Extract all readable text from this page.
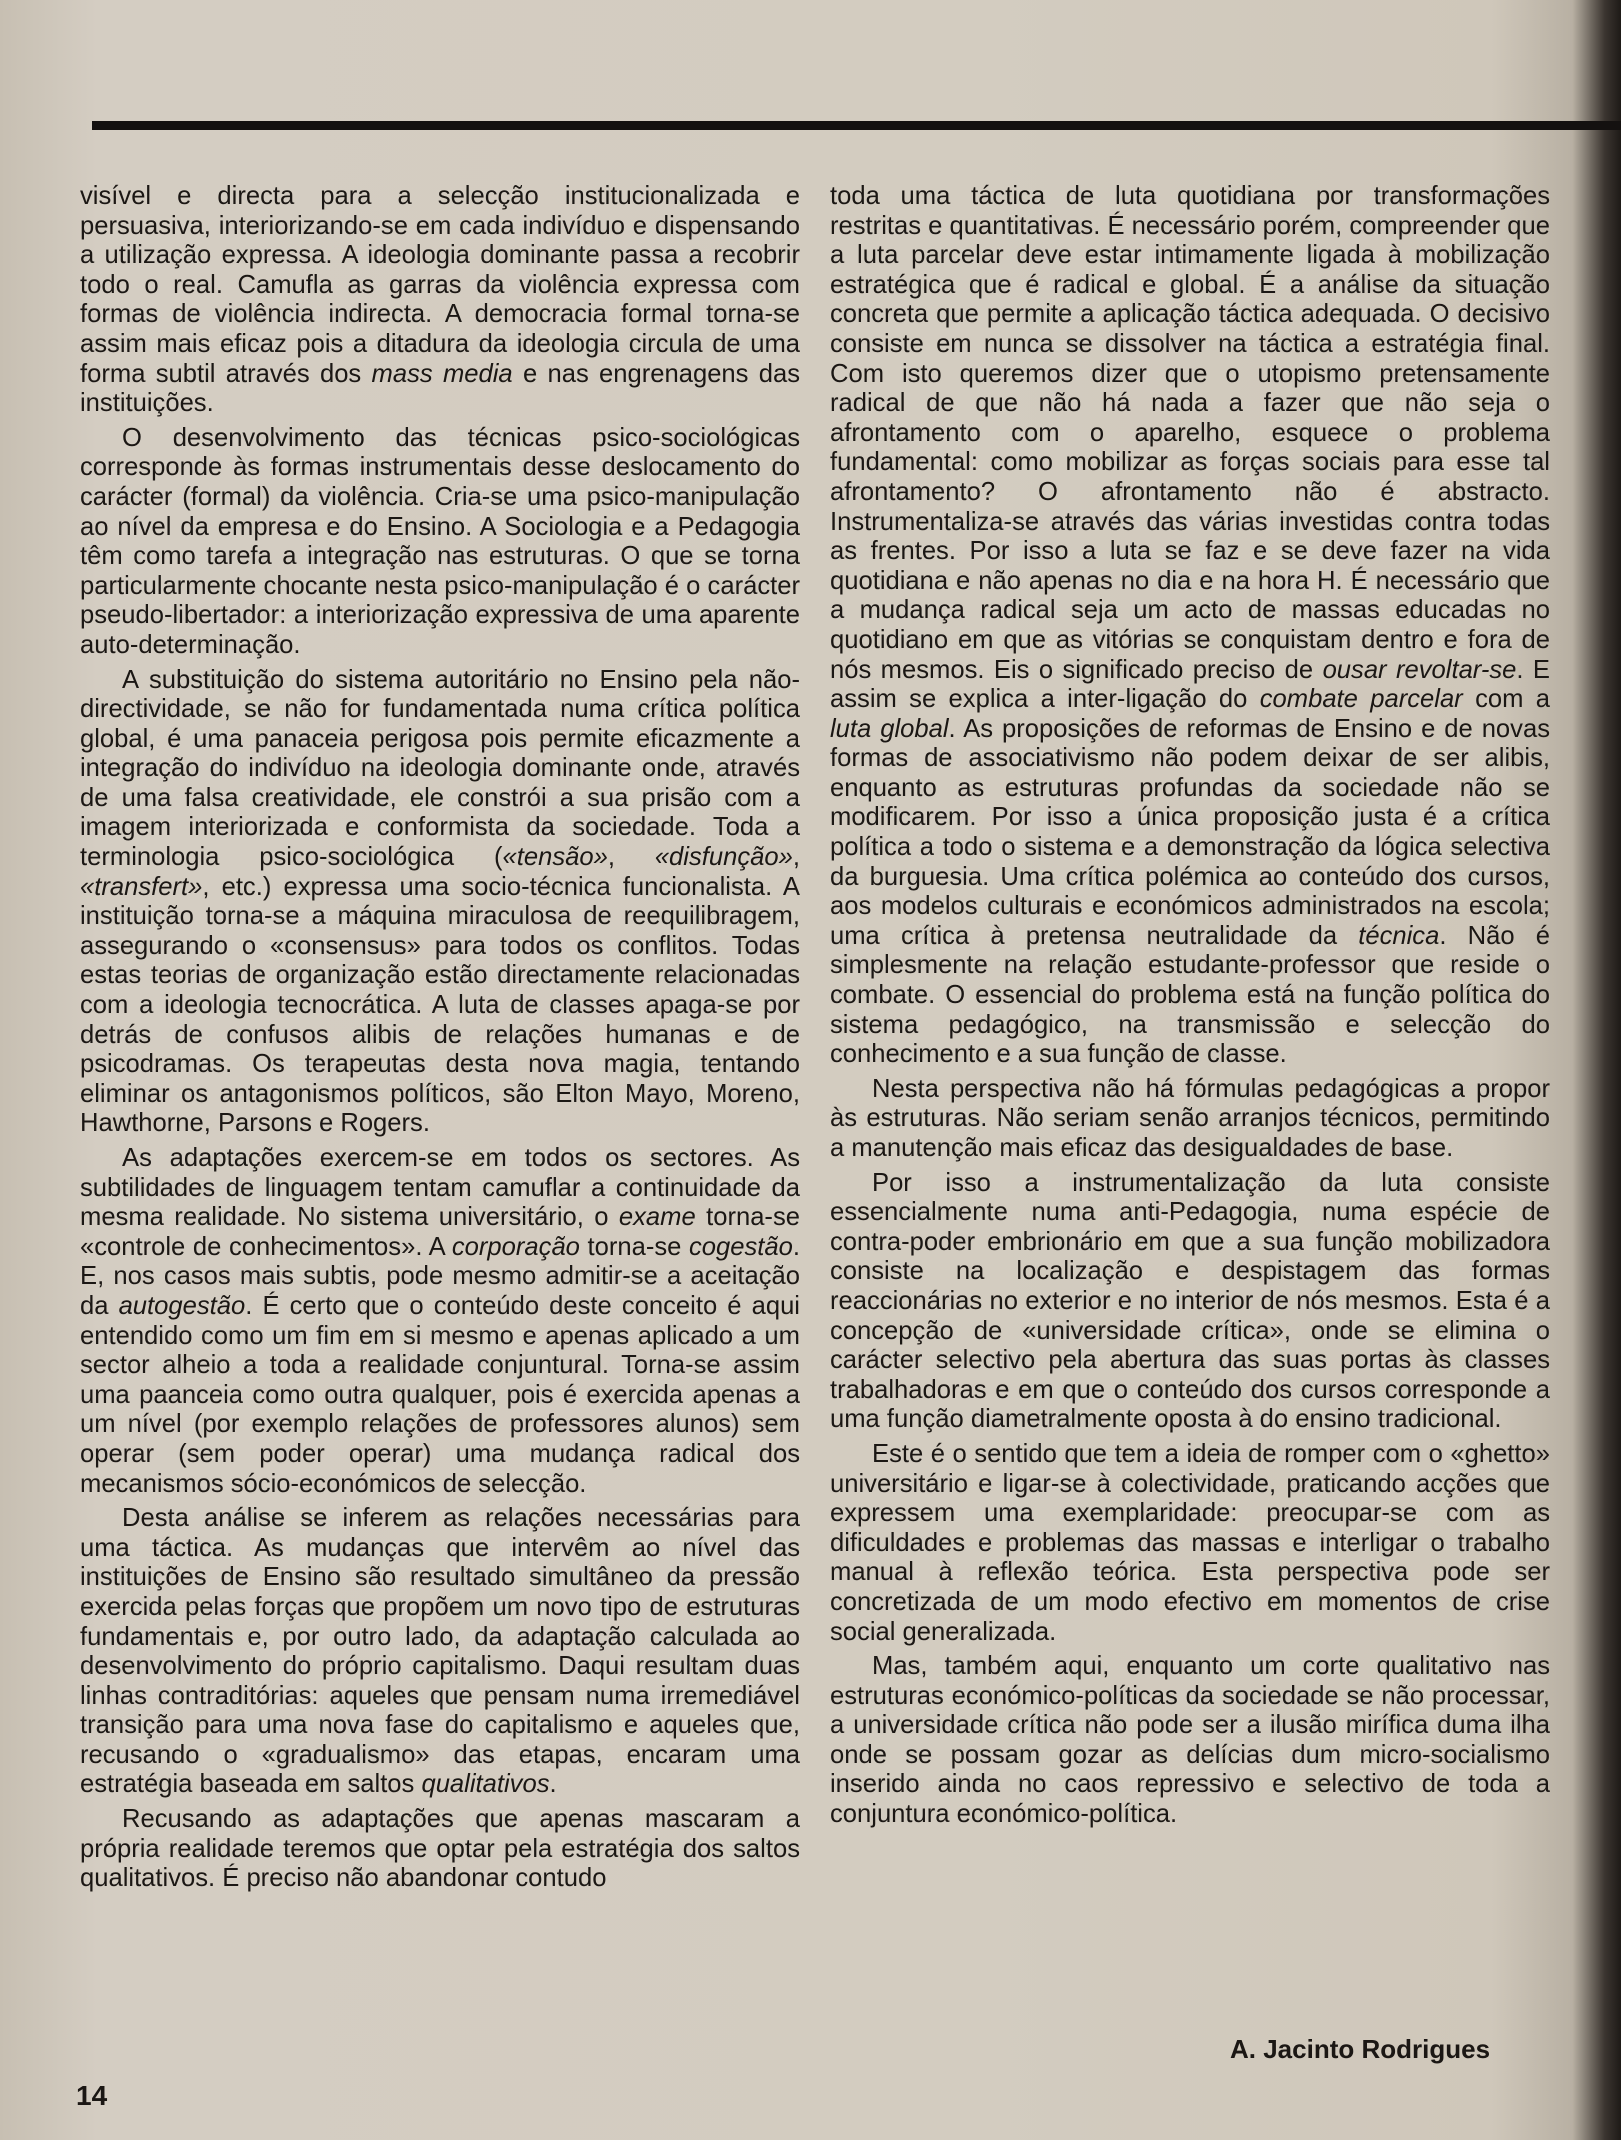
visível e directa para a selecção institucionalizada e persuasiva, interiorizando-se em cada indivíduo e dispensando a utilização expressa. A ideologia dominante passa a recobrir todo o real. Camufla as garras da violência expressa com formas de violência indirecta. A democracia formal torna-se assim mais eficaz pois a ditadura da ideologia circula de uma forma subtil através dos mass media e nas engrenagens das instituições.

O desenvolvimento das técnicas psico-sociológicas corresponde às formas instrumentais desse deslocamento do carácter (formal) da violência. Cria-se uma psico-manipulação ao nível da empresa e do Ensino. A Sociologia e a Pedagogia têm como tarefa a integração nas estruturas. O que se torna particularmente chocante nesta psico-manipulação é o carácter pseudo-libertador: a interiorização expressiva de uma aparente auto-determinação.

A substituição do sistema autoritário no Ensino pela não-directividade, se não for fundamentada numa crítica política global, é uma panaceia perigosa pois permite eficazmente a integração do indivíduo na ideologia dominante onde, através de uma falsa creatividade, ele constrói a sua prisão com a imagem interiorizada e conformista da sociedade. Toda a terminologia psico-sociológica («tensão», «disfunção», «transfert», etc.) expressa uma socio-técnica funcionalista. A instituição torna-se a máquina miraculosa de reequilibragem, assegurando o «consensus» para todos os conflitos. Todas estas teorias de organização estão directamente relacionadas com a ideologia tecnocrática. A luta de classes apaga-se por detrás de confusos alibis de relações humanas e de psicodramas. Os terapeutas desta nova magia, tentando eliminar os antagonismos políticos, são Elton Mayo, Moreno, Hawthorne, Parsons e Rogers.

As adaptações exercem-se em todos os sectores. As subtilidades de linguagem tentam camuflar a continuidade da mesma realidade. No sistema universitário, o exame torna-se «controle de conhecimentos». A corporação torna-se cogestão. E, nos casos mais subtis, pode mesmo admitir-se a aceitação da autogestão. É certo que o conteúdo deste conceito é aqui entendido como um fim em si mesmo e apenas aplicado a um sector alheio a toda a realidade conjuntural. Torna-se assim uma paanceia como outra qualquer, pois é exercida apenas a um nível (por exemplo relações de professores alunos) sem operar (sem poder operar) uma mudança radical dos mecanismos sócio-económicos de selecção.

Desta análise se inferem as relações necessárias para uma táctica. As mudanças que intervêm ao nível das instituições de Ensino são resultado simultâneo da pressão exercida pelas forças que propõem um novo tipo de estruturas fundamentais e, por outro lado, da adaptação calculada ao desenvolvimento do próprio capitalismo. Daqui resultam duas linhas contraditórias: aqueles que pensam numa irremediável transição para uma nova fase do capitalismo e aqueles que, recusando o «gradualismo» das etapas, encaram uma estratégia baseada em saltos qualitativos.

Recusando as adaptações que apenas mascaram a própria realidade teremos que optar pela estratégia dos saltos qualitativos. É preciso não abandonar contudo

toda uma táctica de luta quotidiana por transformações restritas e quantitativas. É necessário porém, compreender que a luta parcelar deve estar intimamente ligada à mobilização estratégica que é radical e global. É a análise da situação concreta que permite a aplicação táctica adequada. O decisivo consiste em nunca se dissolver na táctica a estratégia final. Com isto queremos dizer que o utopismo pretensamente radical de que não há nada a fazer que não seja o afrontamento com o aparelho, esquece o problema fundamental: como mobilizar as forças sociais para esse tal afrontamento? O afrontamento não é abstracto. Instrumentaliza-se através das várias investidas contra todas as frentes. Por isso a luta se faz e se deve fazer na vida quotidiana e não apenas no dia e na hora H. É necessário que a mudança radical seja um acto de massas educadas no quotidiano em que as vitórias se conquistam dentro e fora de nós mesmos. Eis o significado preciso de ousar revoltar-se. E assim se explica a inter-ligação do combate parcelar com a luta global. As proposições de reformas de Ensino e de novas formas de associativismo não podem deixar de ser alibis, enquanto as estruturas profundas da sociedade não se modificarem. Por isso a única proposição justa é a crítica política a todo o sistema e a demonstração da lógica selectiva da burguesia. Uma crítica polémica ao conteúdo dos cursos, aos modelos culturais e económicos administrados na escola; uma crítica à pretensa neutralidade da técnica. Não é simplesmente na relação estudante-professor que reside o combate. O essencial do problema está na função política do sistema pedagógico, na transmissão e selecção do conhecimento e a sua função de classe.

Nesta perspectiva não há fórmulas pedagógicas a propor às estruturas. Não seriam senão arranjos técnicos, permitindo a manutenção mais eficaz das desigualdades de base.

Por isso a instrumentalização da luta consiste essencialmente numa anti-Pedagogia, numa espécie de contra-poder embrionário em que a sua função mobilizadora consiste na localização e despistagem das formas reaccionárias no exterior e no interior de nós mesmos. Esta é a concepção de «universidade crítica», onde se elimina o carácter selectivo pela abertura das suas portas às classes trabalhadoras e em que o conteúdo dos cursos corresponde a uma função diametralmente oposta à do ensino tradicional.

Este é o sentido que tem a ideia de romper com o «ghetto» universitário e ligar-se à colectividade, praticando acções que expressem uma exemplaridade: preocupar-se com as dificuldades e problemas das massas e interligar o trabalho manual à reflexão teórica. Esta perspectiva pode ser concretizada de um modo efectivo em momentos de crise social generalizada.

Mas, também aqui, enquanto um corte qualitativo nas estruturas económico-políticas da sociedade se não processar, a universidade crítica não pode ser a ilusão mirífica duma ilha onde se possam gozar as delícias dum micro-socialismo inserido ainda no caos repressivo e selectivo de toda a conjuntura económico-política.

A. Jacinto Rodrigues
14
